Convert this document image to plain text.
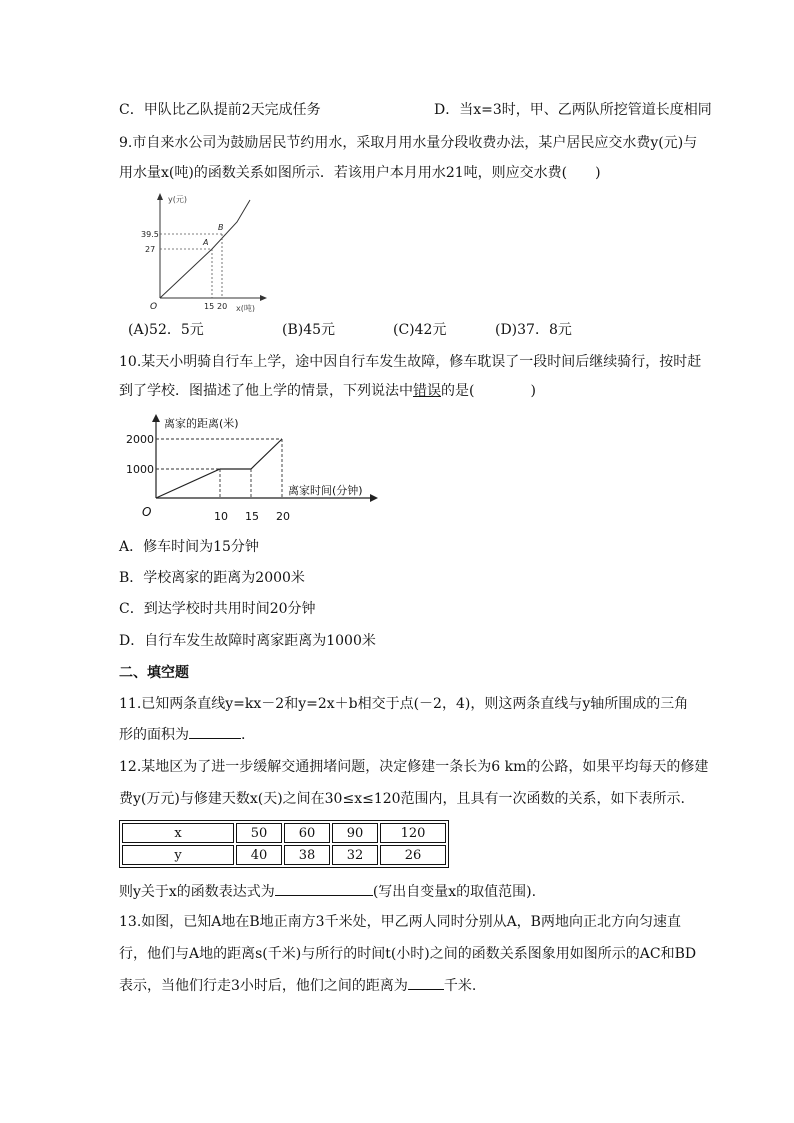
C．甲队比乙队提前2天完成任务	D．当x=3时，甲、乙两队所挖管道长度相同
9.市自来水公司为鼓励居民节约用水，采取月用水量分段收费办法，某户居民应交水费y(元)与
用水量x(吨)的函数关系如图所示．若该用户本月用水21吨，则应交水费(　　)
y(元)
x(吨)
O
39.5
27
15 20
A
B
(A)52．5元	(B)45元	(C)42元	(D)37．8元
10.某天小明骑自行车上学，途中因自行车发生故障，修车耽误了一段时间后继续骑行，按时赶
到了学校．图描述了他上学的情景，下列说法中错误的是(　　　　)
离家的距离(米)
离家时间(分钟)
O
2000
1000
10 15 20
A．修车时间为15分钟
B．学校离家的距离为2000米
C．到达学校时共用时间20分钟
D．自行车发生故障时离家距离为1000米
二、填空题
11.已知两条直线y=kx－2和y=2x＋b相交于点(－2，4)，则这两条直线与y轴所围成的三角
形的面积为	.
12.某地区为了进一步缓解交通拥堵问题，决定修建一条长为6 km的公路，如果平均每天的修建
费y(万元)与修建天数x(天)之间在30≤x≤120范围内，且具有一次函数的关系，如下表所示.
x	50	60	90	120
y	40	38	32	26
则y关于x的函数表达式为	(写出自变量x的取值范围).
13.如图，已知A地在B地正南方3千米处，甲乙两人同时分别从A，B两地向正北方向匀速直
行，他们与A地的距离s(千米)与所行的时间t(小时)之间的函数关系图象用如图所示的AC和BD
表示，当他们行走3小时后，他们之间的距离为	千米.
